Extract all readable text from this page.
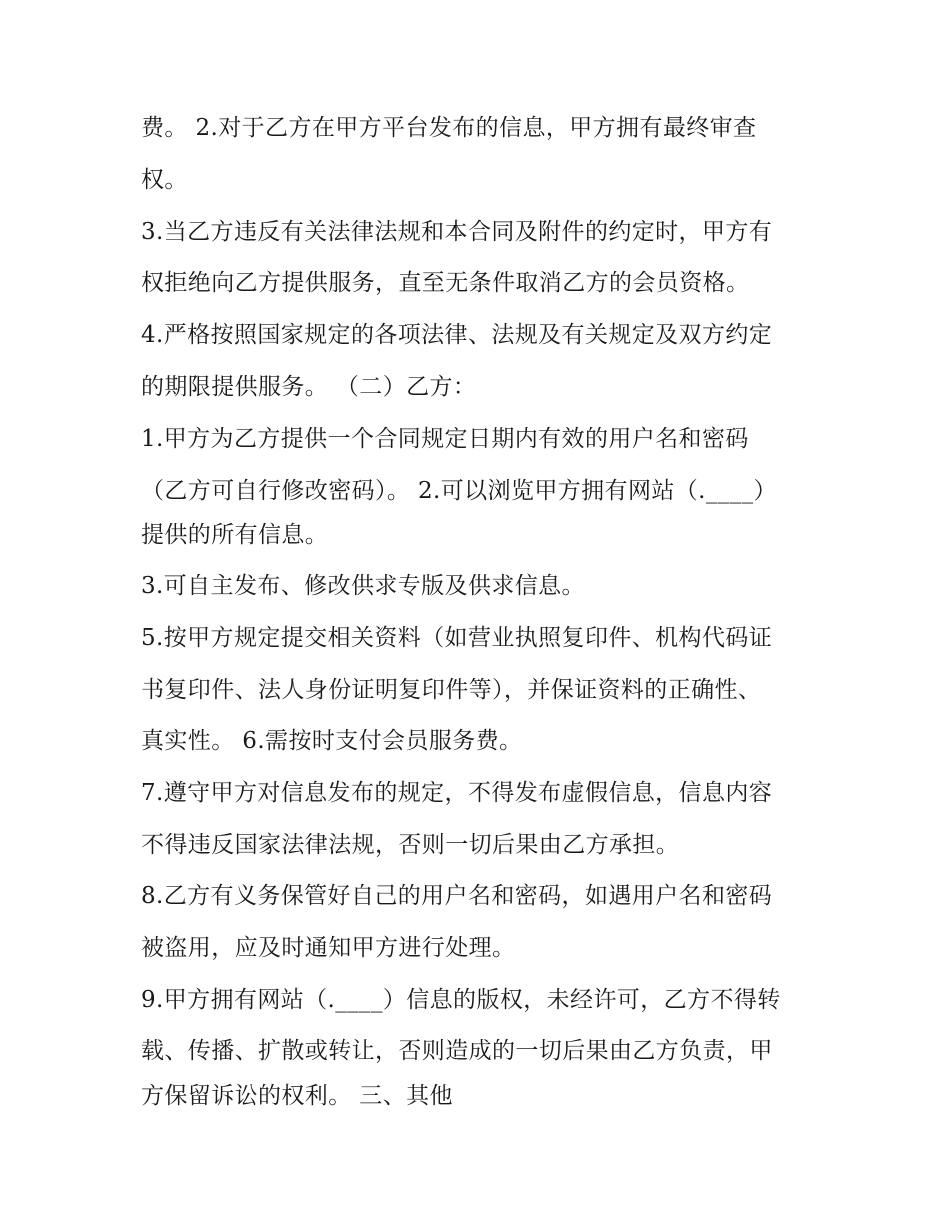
费。 2.对于乙方在甲方平台发布的信息，甲方拥有最终审查
权。
3.当乙方违反有关法律法规和本合同及附件的约定时，甲方有
权拒绝向乙方提供服务，直至无条件取消乙方的会员资格。
4.严格按照国家规定的各项法律、法规及有关规定及双方约定
的期限提供服务。 （二）乙方：
1.甲方为乙方提供一个合同规定日期内有效的用户名和密码
（乙方可自行修改密码）。 2.可以浏览甲方拥有网站（.____）
提供的所有信息。
3.可自主发布、修改供求专版及供求信息。
5.按甲方规定提交相关资料（如营业执照复印件、机构代码证
书复印件、法人身份证明复印件等），并保证资料的正确性、
真实性。 6.需按时支付会员服务费。
7.遵守甲方对信息发布的规定，不得发布虚假信息，信息内容
不得违反国家法律法规，否则一切后果由乙方承担。
8.乙方有义务保管好自己的用户名和密码，如遇用户名和密码
被盗用，应及时通知甲方进行处理。
9.甲方拥有网站（.____）信息的版权，未经许可，乙方不得转
载、传播、扩散或转让，否则造成的一切后果由乙方负责，甲
方保留诉讼的权利。 三、其他
